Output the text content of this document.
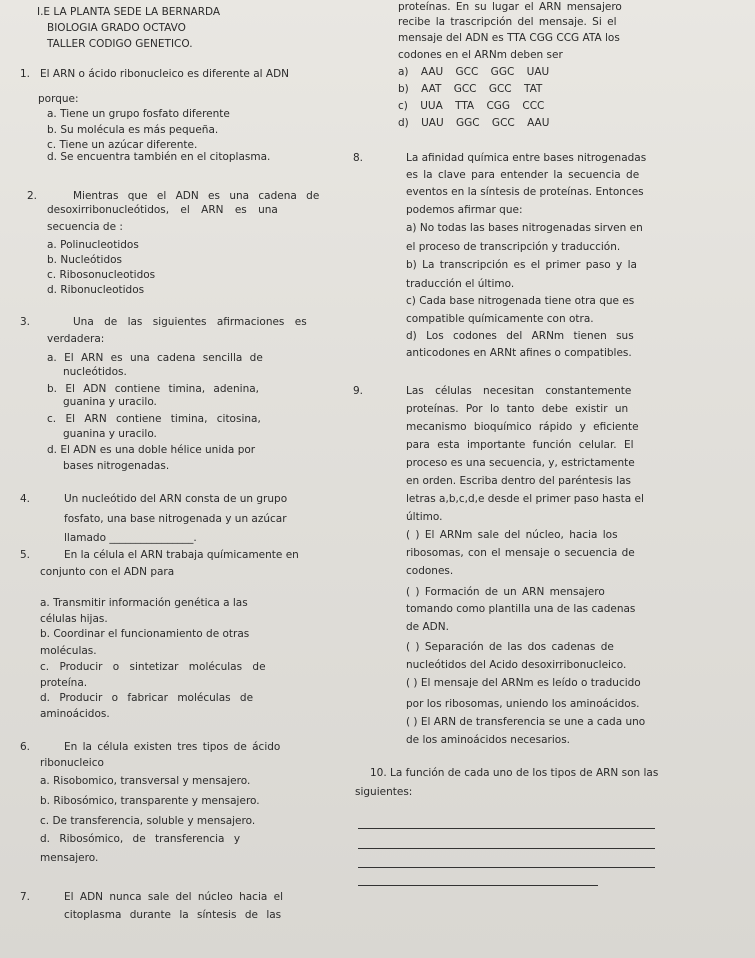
I.E LA PLANTA SEDE LA BERNARDA
BIOLOGIA GRADO OCTAVO
TALLER CODIGO GENETICO.
1. El ARN o ácido ribonucleico es diferente al ADN
porque:
a. Tiene un grupo fosfato diferente
b. Su molécula es más pequeña.
c. Tiene un azúcar diferente.
d. Se encuentra también en el citoplasma.
2.	Mientras que el ADN es una cadena de
desoxirribonucleótidos, el ARN es una
secuencia de :
a. Polinucleotidos
b. Nucleótidos
c. Ribosonucleotidos
d. Ribonucleotidos
3.	Una de las siguientes afirmaciones es
verdadera:
a. El ARN es una cadena sencilla de
nucleótidos.
b. El ADN contiene timina, adenina,
guanina y uracilo.
c. El ARN contiene timina, citosina,
guanina y uracilo.
d. El ADN es una doble hélice unida por
bases nitrogenadas.
4.	Un nucleótido del ARN consta de un grupo
fosfato, una base nitrogenada y un azúcar
llamado ________________.
5.	En la célula el ARN trabaja químicamente en
conjunto con el ADN para
a. Transmitir información genética a las
células hijas.
b. Coordinar el funcionamiento de otras
moléculas.
c. Producir o sintetizar moléculas de
proteína.
d. Producir o fabricar moléculas de
aminoácidos.
6.	En la célula existen tres tipos de ácido
ribonucleico
a. Risobomico, transversal y mensajero.
b. Ribosómico, transparente y mensajero.
c. De transferencia, soluble y mensajero.
d. Ribosómico, de transferencia y
mensajero.
7.	El ADN nunca sale del núcleo hacia el
citoplasma durante la síntesis de las
proteínas. En su lugar el ARN mensajero
recibe la trascripción del mensaje. Si el
mensaje del ADN es TTA CGG CCG ATA los
codones en el ARNm deben ser
a) AAU GCC GGC UAU
b) AAT GCC GCC TAT
c) UUA TTA CGG CCC
d) UAU GGC GCC AAU
8.	La afinidad química entre bases nitrogenadas
es la clave para entender la secuencia de
eventos en la síntesis de proteínas. Entonces
podemos afirmar que:
a) No todas las bases nitrogenadas sirven en
el proceso de transcripción y traducción.
b) La transcripción es el primer paso y la
traducción el último.
c) Cada base nitrogenada tiene otra que es
compatible químicamente con otra.
d) Los codones del ARNm tienen sus
anticodones en ARNt afines o compatibles.
9.	Las células necesitan constantemente
proteínas. Por lo tanto debe existir un
mecanismo bioquímico rápido y eficiente
para esta importante función celular. El
proceso es una secuencia, y, estrictamente
en orden. Escriba dentro del paréntesis las
letras a,b,c,d,e desde el primer paso hasta el
último.
( ) El ARNm sale del núcleo, hacia los
ribosomas, con el mensaje o secuencia de
codones.
( ) Formación de un ARN mensajero
tomando como plantilla una de las cadenas
de ADN.
( ) Separación de las dos cadenas de
nucleótidos del Acido desoxirribonucleico.
( ) El mensaje del ARNm es leído o traducido
por los ribosomas, uniendo los aminoácidos.
( ) El ARN de transferencia se une a cada uno
de los aminoácidos necesarios.
10. La función de cada uno de los tipos de ARN son las
siguientes:
